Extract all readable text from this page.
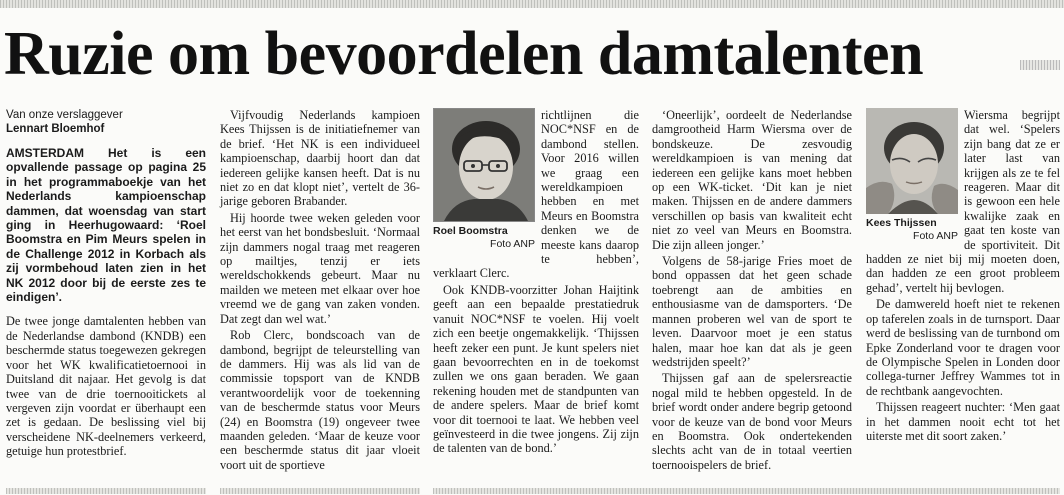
Ruzie om bevoordelen damtalenten
Van onze verslaggever
Lennart Bloemhof
AMSTERDAM Het is een opvallende passage op pagina 25 in het programmaboekje van het Nederlands kampioenschap dammen, dat woensdag van start ging in Heerhugowaard: ‘Roel Boomstra en Pim Meurs spelen in de Challenge 2012 in Korbach als zij vormbehoud laten zien in het NK 2012 door bij de eerste zes te eindigen’.

De twee jonge damtalenten hebben van de Nederlandse dambond (KNDB) een beschermde status toegewezen gekregen voor het WK kwalificatietoernooi in Duitsland dit najaar. Het gevolg is dat twee van de drie toernooitickets al vergeven zijn voordat er überhaupt een zet is gedaan. De beslissing viel bij verscheidene NK-deelnemers verkeerd, getuige hun protestbrief.

Vijfvoudig Nederlands kampioen Kees Thijssen is de initiatiefnemer van de brief. ‘Het NK is een individueel kampioenschap, daarbij hoort dan dat iedereen gelijke kansen heeft. Dat is nu niet zo en dat klopt niet’, vertelt de 36-jarige geboren Brabander.

Hij hoorde twee weken geleden voor het eerst van het bondsbesluit. ‘Normaal zijn dammers nogal traag met reageren op mailtjes, tenzij er iets wereldschokkends gebeurt. Maar nu mailden we meteen met elkaar over hoe vreemd we de gang van zaken vonden. Dat zegt dan wel wat.’

Rob Clerc, bondscoach van de dambond, begrijpt de teleurstelling van de dammers. Hij was als lid van de commissie topsport van de KNDB verantwoordelijk voor de toekenning van de beschermde status voor Meurs (24) en Boomstra (19) ongeveer twee maanden geleden. ‘Maar de keuze voor een beschermde status dit jaar vloeit voort uit de sportieve

Roel Boomstra
Foto ANP

richtlijnen die NOC*NSF en de dambond stellen. Voor 2016 willen we graag een wereldkampioen hebben en met Meurs en Boomstra denken we de meeste kans daarop te hebben’, verklaart Clerc.

Ook KNDB-voorzitter Johan Haijtink geeft aan een bepaalde prestatiedruk vanuit NOC*NSF te voelen. Hij voelt zich een beetje ongemakkelijk. ‘Thijssen heeft zeker een punt. Je kunt spelers niet gaan bevoorrechten en in de toekomst zullen we ons gaan beraden. We gaan rekening houden met de standpunten van de andere spelers. Maar de brief komt voor dit toernooi te laat. We hebben veel geïnvesteerd in die twee jongens. Zij zijn de talenten van de bond.’

‘Oneerlijk’, oordeelt de Nederlandse damgrootheid Harm Wiersma over de bondskeuze. De zesvoudig wereldkampioen is van mening dat iedereen een gelijke kans moet hebben op een WK-ticket. ‘Dit kan je niet maken. Thijssen en de andere dammers verschillen op basis van kwaliteit echt niet zo veel van Meurs en Boomstra. Die zijn alleen jonger.’

Volgens de 58-jarige Fries moet de bond oppassen dat het geen schade toebrengt aan de ambities en enthousiasme van de damsporters. ‘De mannen proberen wel van de sport te leven. Daarvoor moet je een status halen, maar hoe kan dat als je geen wedstrijden speelt?’

Thijssen gaf aan de spelersreactie nogal mild te hebben opgesteld. In de brief wordt onder andere begrip getoond voor de keuze van de bond voor Meurs en Boomstra. Ook ondertekenden slechts acht van de in totaal veertien toernooispelers de brief.

Kees Thijssen
Foto ANP

Wiersma begrijpt dat wel. ‘Spelers zijn bang dat ze er later last van krijgen als ze te fel reageren. Maar dit is gewoon een hele kwalijke zaak en gaat ten koste van de sportiviteit. Dit hadden ze niet bij mij moeten doen, dan hadden ze een groot probleem gehad’, vertelt hij bevlogen.

De damwereld hoeft niet te rekenen op taferelen zoals in de turnsport. Daar werd de beslissing van de turnbond om Epke Zonderland voor te dragen voor de Olympische Spelen in Londen door collega-turner Jeffrey Wammes tot in de rechtbank aangevochten.

Thijssen reageert nuchter: ‘Men gaat in het dammen nooit echt tot het uiterste met dit soort zaken.’
